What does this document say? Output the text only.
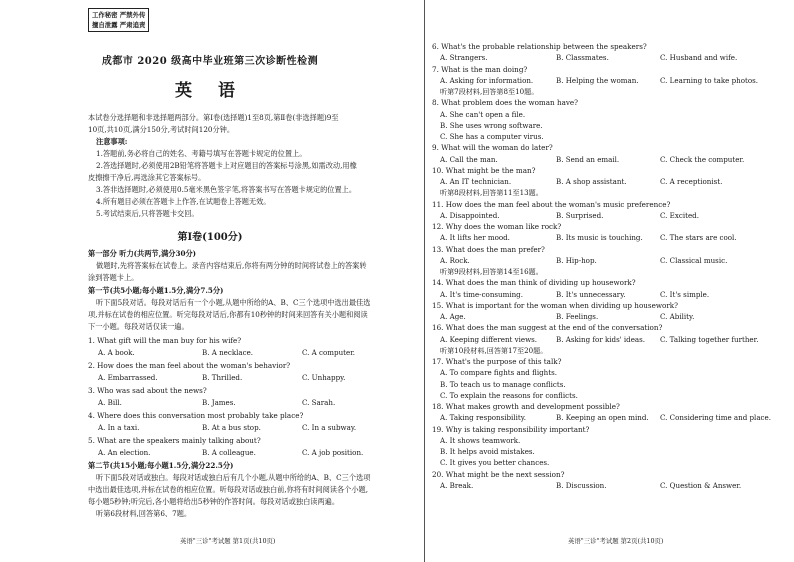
工作秘密 严禁外传
擅自泄露 严肃追责
成都市 2020 级高中毕业班第三次诊断性检测
英 语
本试卷分选择题和非选择题两部分。第Ⅰ卷(选择题)1至8页,第Ⅱ卷(非选择题)9至
10页,共10页,满分150分,考试时间120分钟。
注意事项:
1.答题前,务必将自己的姓名、考籍号填写在答题卡规定的位置上。
2.答选择题时,必须使用2B铅笔将答题卡上对应题目的答案标号涂黑,如需改动,用橡
皮擦擦干净后,再选涂其它答案标号。
3.答非选择题时,必须使用0.5毫米黑色签字笔,将答案书写在答题卡规定的位置上。
4.所有题目必须在答题卡上作答,在试题卷上答题无效。
5.考试结束后,只将答题卡交回。
第Ⅰ卷(100分)
第一部分 听力(共两节,满分30分)
做题时,先将答案标在试卷上。录音内容结束后,你将有两分钟的时间将试卷上的答案转
涂到答题卡上。
第一节(共5小题;每小题1.5分,满分7.5分)
听下面5段对话。每段对话后有一个小题,从题中所给的A、B、C三个选项中选出最佳选
项,并标在试卷的相应位置。听完每段对话后,你都有10秒钟的时间来回答有关小题和阅读
下一小题。每段对话仅读一遍。
1. What gift will the man buy for his wife?
A. A book.	B. A necklace.	C. A computer.
2. How does the man feel about the woman's behavior?
A. Embarrassed.	B. Thrilled.	C. Unhappy.
3. Who was sad about the news?
A. Bill.	B. James.	C. Sarah.
4. Where does this conversation most probably take place?
A. In a taxi.	B. At a bus stop.	C. In a subway.
5. What are the speakers mainly talking about?
A. An election.	B. A colleague.	C. A job position.
第二节(共15小题;每小题1.5分,满分22.5分)
听下面5段对话或独白。每段对话或独白后有几个小题,从题中所给的A、B、C三个选项
中选出最佳选项,并标在试卷的相应位置。听每段对话或独白前,你将有时间阅读各个小题,
每小题5秒钟;听完后,各小题将给出5秒钟的作答时间。每段对话或独白读两遍。
听第6段材料,回答第6、7题。
英语"三诊"考试题 第1页(共10页)
6. What's the probable relationship between the speakers?
A. Strangers.	B. Classmates.	C. Husband and wife.
7. What is the man doing?
A. Asking for information.	B. Helping the woman.	C. Learning to take photos.
听第7段材料,回答第8至10题。
8. What problem does the woman have?
A. She can't open a file.
B. She uses wrong software.
C. She has a computer virus.
9. What will the woman do later?
A. Call the man.	B. Send an email.	C. Check the computer.
10. What might be the man?
A. An IT technician.	B. A shop assistant.	C. A receptionist.
听第8段材料,回答第11至13题。
11. How does the man feel about the woman's music preference?
A. Disappointed.	B. Surprised.	C. Excited.
12. Why does the woman like rock?
A. It lifts her mood.	B. Its music is touching. C. The stars are cool.
13. What does the man prefer?
A. Rock.	B. Hip-hop.	C. Classical music.
听第9段材料,回答第14至16题。
14. What does the man think of dividing up housework?
A. It's time-consuming.	B. It's unnecessary.	C. It's simple.
15. What is important for the woman when dividing up housework?
A. Age.	B. Feelings.	C. Ability.
16. What does the man suggest at the end of the conversation?
A. Keeping different views.	B. Asking for kids' ideas. C. Talking together further.
听第10段材料,回答第17至20题。
17. What's the purpose of this talk?
A. To compare fights and flights.
B. To teach us to manage conflicts.
C. To explain the reasons for conflicts.
18. What makes growth and development possible?
A. Taking responsibility.	B. Keeping an open mind. C. Considering time and place.
19. Why is taking responsibility important?
A. It shows teamwork.
B. It helps avoid mistakes.
C. It gives you better chances.
20. What might be the next session?
A. Break.	B. Discussion.	C. Question & Answer.
英语"三诊"考试题 第2页(共10页)
